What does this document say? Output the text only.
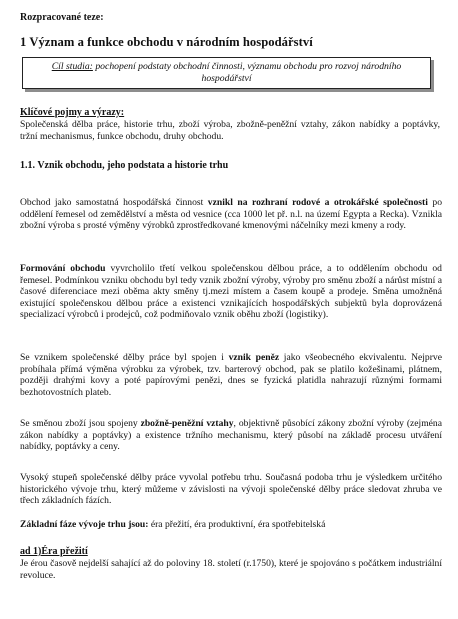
Rozpracované teze:

1 Význam a funkce obchodu v národním hospodářství

Cíl studia: pochopení podstaty obchodní činnosti, významu obchodu pro rozvoj národního hospodářství

Klíčové pojmy a výrazy:

Společenská dělba práce, historie trhu, zboží výroba, zbožně-peněžní vztahy, zákon nabídky a poptávky, tržní mechanismus, funkce obchodu, druhy obchodu.

1.1. Vznik obchodu, jeho podstata a historie trhu

Obchod jako samostatná hospodářská činnost vznikl na rozhraní rodové a otrokářské společnosti po oddělení řemesel od zemědělství a města od vesnice (cca 1000 let př. n.l. na území Egypta a Recka). Vznikla zbožní výroba s prosté výměny výrobků zprostředkované kmenovými náčelníky mezi kmeny a rody.

Formování obchodu vyvrcholilo třetí velkou společenskou dělbou práce, a to oddělením obchodu od řemesel. Podmínkou vzniku obchodu byl tedy vznik zbožní výroby, výroby pro směnu zboží a nárůst místní a časové diferenciace mezi oběma akty směny tj.mezi místem a časem koupě a prodeje. Směna umožněná existující společenskou dělbou práce a existenci vznikajících hospodářských subjektů byla doprovázená specializací výrobců i prodejců, což podmiňovalo vznik oběhu zboží (logistiky).

Se vznikem společenské dělby práce byl spojen i vznik peněz jako všeobecného ekvivalentu. Nejprve probíhala přímá výměna výrobku za výrobek, tzv. barterový obchod, pak se platilo kožešinami, plátnem, později drahými kovy a poté papírovými penězi, dnes se fyzická platidla nahrazují různými formami bezhotovostních plateb.

Se směnou zboží jsou spojeny zbožně-peněžní vztahy, objektivně působící zákony zbožní výroby (zejména zákon nabídky a poptávky) a existence tržního mechanismu, který působí na základě procesu utváření nabídky, poptávky a ceny.

Vysoký stupeň společenské dělby práce vyvolal potřebu trhu. Současná podoba trhu je výsledkem určitého historického vývoje trhu, který můžeme v závislosti na vývoji společenské dělby práce sledovat zhruba ve třech základních fázích.

Základní fáze vývoje trhu jsou: éra přežití, éra produktivní, éra spotřebitelská

ad 1)Éra přežití

Je érou časově nejdelší sahající až do poloviny 18. století (r.1750), které je spojováno s počátkem industriální revoluce.
